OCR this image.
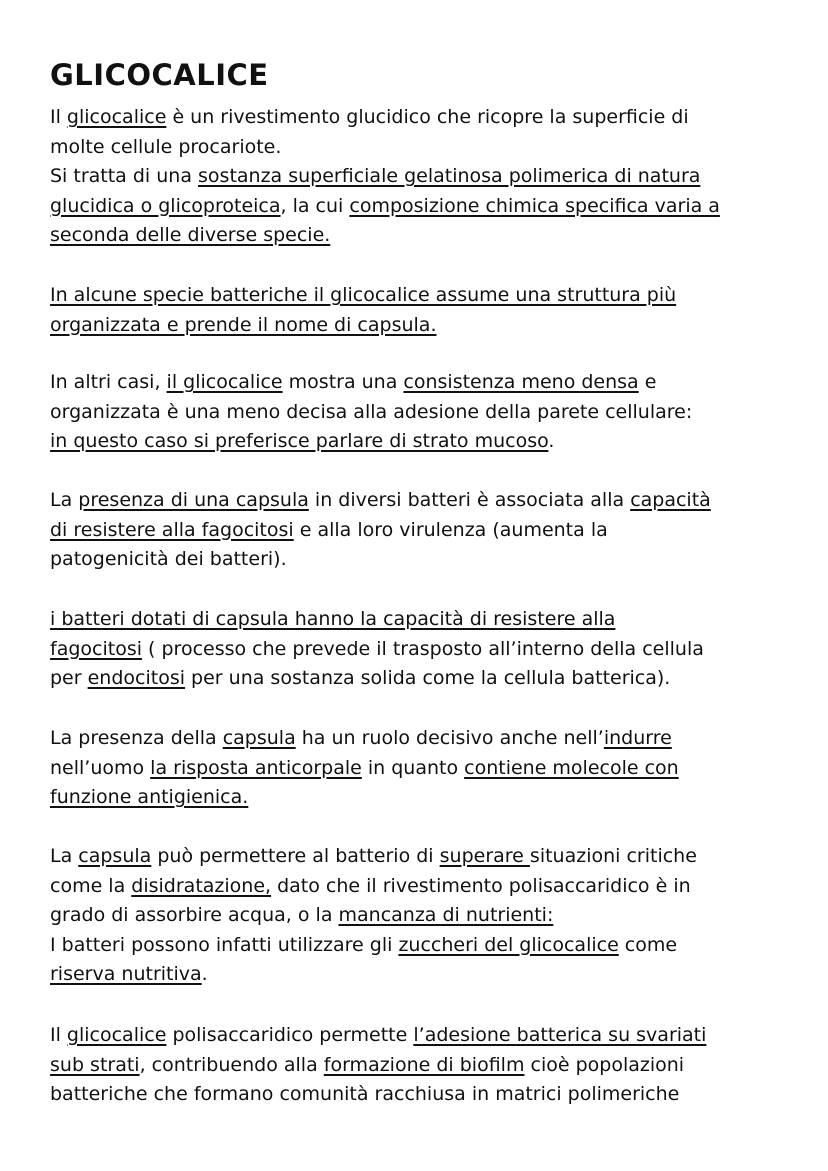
GLICOCALICE

Il glicocalice è un rivestimento glucidico che ricopre la superficie di
molte cellule procariote.
Si tratta di una sostanza superficiale gelatinosa polimerica di natura
glucidica o glicoproteica, la cui composizione chimica specifica varia a
seconda delle diverse specie.

In alcune specie batteriche il glicocalice assume una struttura più
organizzata e prende il nome di capsula.

In altri casi, il glicocalice mostra una consistenza meno densa e
organizzata è una meno decisa alla adesione della parete cellulare:
in questo caso si preferisce parlare di strato mucoso.

La presenza di una capsula in diversi batteri è associata alla capacità
di resistere alla fagocitosi e alla loro virulenza (aumenta la
patogenicità dei batteri).

i batteri dotati di capsula hanno la capacità di resistere alla
fagocitosi ( processo che prevede il trasposto all’interno della cellula
per endocitosi per una sostanza solida come la cellula batterica).

La presenza della capsula ha un ruolo decisivo anche nell’indurre
nell’uomo la risposta anticorpale in quanto contiene molecole con
funzione antigienica.

La capsula può permettere al batterio di superare situazioni critiche
come la disidratazione, dato che il rivestimento polisaccaridico è in
grado di assorbire acqua, o la mancanza di nutrienti:
I batteri possono infatti utilizzare gli zuccheri del glicocalice come
riserva nutritiva.

Il glicocalice polisaccaridico permette l’adesione batterica su svariati
sub strati, contribuendo alla formazione di biofilm cioè popolazioni
batteriche che formano comunità racchiusa in matrici polimeriche
